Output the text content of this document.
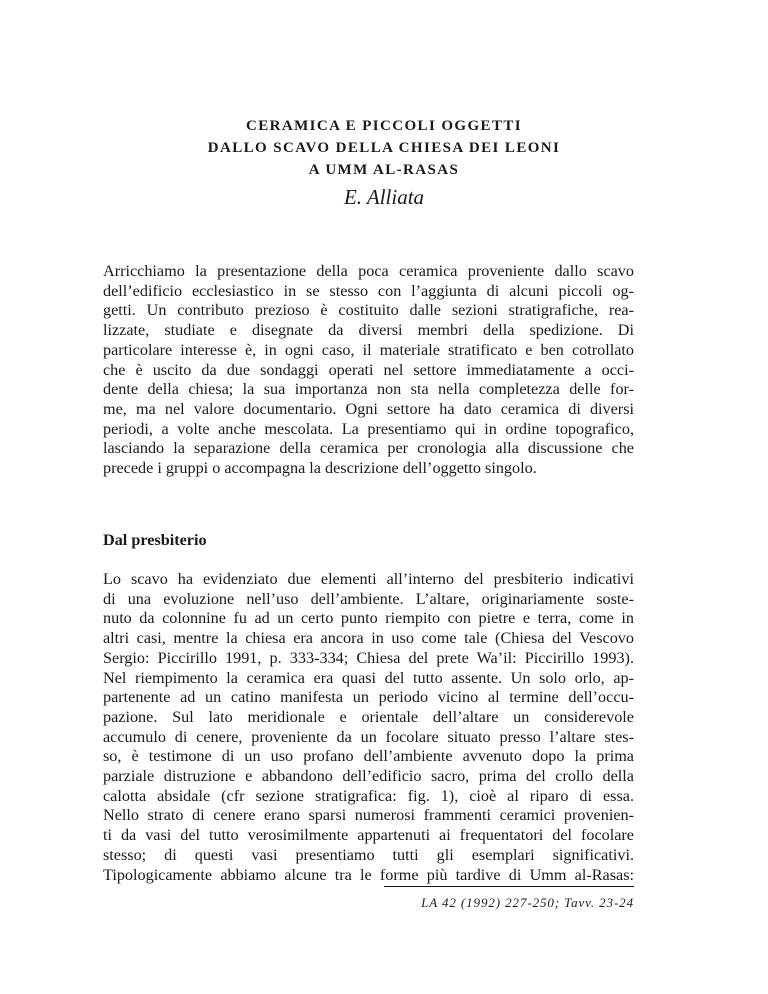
CERAMICA E PICCOLI OGGETTI
DALLO SCAVO DELLA CHIESA DEI LEONI
A UMM AL-RASAS
E. Alliata
Arricchiamo la presentazione della poca ceramica proveniente dallo scavo
dell’edificio ecclesiastico in se stesso con l’aggiunta di alcuni piccoli og-
getti. Un contributo prezioso è costituito dalle sezioni stratigrafiche, rea-
lizzate, studiate e disegnate da diversi membri della spedizione. Di
particolare interesse è, in ogni caso, il materiale stratificato e ben cotrollato
che è uscito da due sondaggi operati nel settore immediatamente a occi-
dente della chiesa; la sua importanza non sta nella completezza delle for-
me, ma nel valore documentario. Ogni settore ha dato ceramica di diversi
periodi, a volte anche mescolata. La presentiamo qui in ordine topografico,
lasciando la separazione della ceramica per cronologia alla discussione che
precede i gruppi o accompagna la descrizione dell’oggetto singolo.
Dal presbiterio
Lo scavo ha evidenziato due elementi all’interno del presbiterio indicativi
di una evoluzione nell’uso dell’ambiente. L’altare, originariamente soste-
nuto da colonnine fu ad un certo punto riempito con pietre e terra, come in
altri casi, mentre la chiesa era ancora in uso come tale (Chiesa del Vescovo
Sergio: Piccirillo 1991, p. 333-334; Chiesa del prete Wa’il: Piccirillo 1993).
Nel riempimento la ceramica era quasi del tutto assente. Un solo orlo, ap-
partenente ad un catino manifesta un periodo vicino al termine dell’occu-
pazione. Sul lato meridionale e orientale dell’altare un considerevole
accumulo di cenere, proveniente da un focolare situato presso l’altare stes-
so, è testimone di un uso profano dell’ambiente avvenuto dopo la prima
parziale distruzione e abbandono dell’edificio sacro, prima del crollo della
calotta absidale (cfr sezione stratigrafica: fig. 1), cioè al riparo di essa.
Nello strato di cenere erano sparsi numerosi frammenti ceramici provenien-
ti da vasi del tutto verosimilmente appartenuti ai frequentatori del focolare
stesso; di questi vasi presentiamo tutti gli esemplari significativi.
Tipologicamente abbiamo alcune tra le forme più tardive di Umm al-Rasas:
LA 42 (1992) 227-250; Tavv. 23-24
